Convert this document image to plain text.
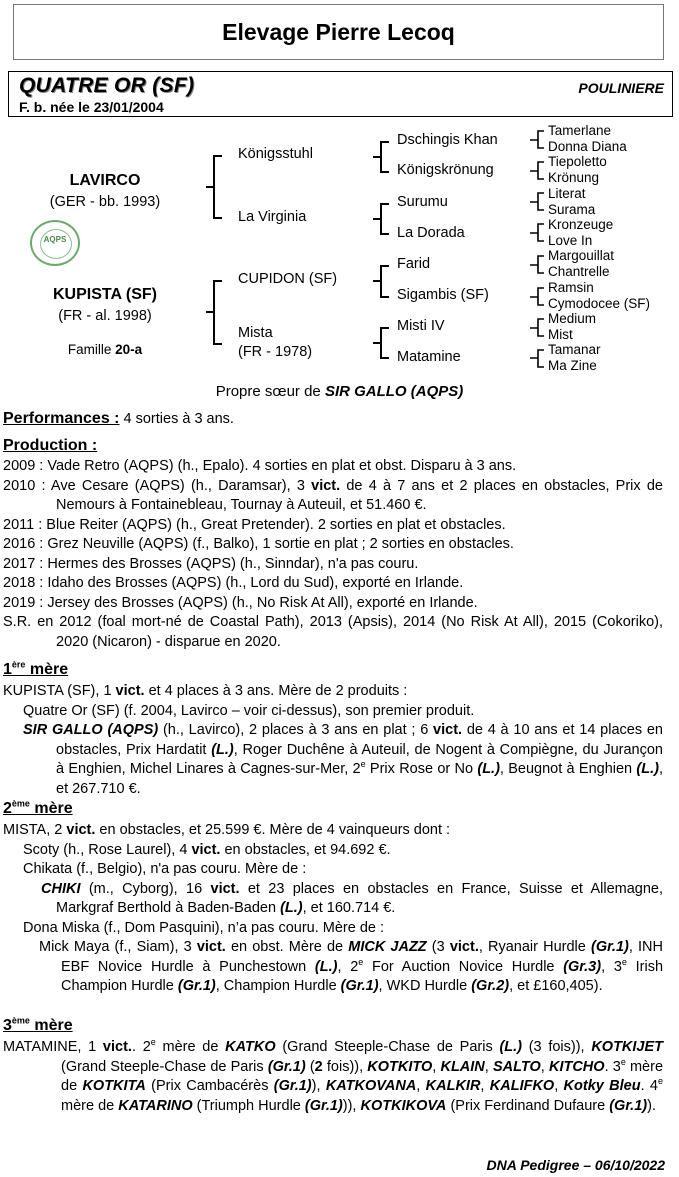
Elevage Pierre Lecoq
QUATRE OR (SF)
F. b. née le 23/01/2004
POULINIERE
LAVIRCO
(GER - bb. 1993)
AQPS
KUPISTA (SF)
(FR - al. 1998)
Famille 20-a
Königsstuhl
La Virginia
CUPIDON (SF)
Mista
(FR - 1978)
Dschingis Khan
Königskrönung
Surumu
La Dorada
Farid
Sigambis (SF)
Misti IV
Matamine
Tamerlane
Donna Diana
Tiepoletto
Krönung
Literat
Surama
Kronzeuge
Love In
Margouillat
Chantrelle
Ramsin
Cymodocee (SF)
Medium
Mist
Tamanar
Ma Zine
Propre sœur de SIR GALLO (AQPS)
Performances : 4 sorties à 3 ans.
Production :
2009 : Vade Retro (AQPS) (h., Epalo). 4 sorties en plat et obst. Disparu à 3 ans.
2010 : Ave Cesare (AQPS) (h., Daramsar), 3 vict. de 4 à 7 ans et 2 places en obstacles, Prix de Nemours à Fontainebleau, Tournay à Auteuil, et 51.460 €.
2011 : Blue Reiter (AQPS) (h., Great Pretender). 2 sorties en plat et obstacles.
2016 : Grez Neuville (AQPS) (f., Balko), 1 sortie en plat ; 2 sorties en obstacles.
2017 : Hermes des Brosses (AQPS) (h., Sinndar), n'a pas couru.
2018 : Idaho des Brosses (AQPS) (h., Lord du Sud), exporté en Irlande.
2019 : Jersey des Brosses (AQPS) (h., No Risk At All), exporté en Irlande.
S.R. en 2012 (foal mort-né de Coastal Path), 2013 (Apsis), 2014 (No Risk At All), 2015 (Cokoriko), 2020 (Nicaron) - disparue en 2020.
1ère mère
KUPISTA (SF), 1 vict. et 4 places à 3 ans. Mère de 2 produits :
Quatre Or (SF) (f. 2004, Lavirco – voir ci-dessus), son premier produit.
SIR GALLO (AQPS) (h., Lavirco), 2 places à 3 ans en plat ; 6 vict. de 4 à 10 ans et 14 places en obstacles, Prix Hardatit (L.), Roger Duchêne à Auteuil, de Nogent à Compiègne, du Jurançon à Enghien, Michel Linares à Cagnes-sur-Mer, 2e Prix Rose or No (L.), Beugnot à Enghien (L.), et 267.710 €.
2ème mère
MISTA, 2 vict. en obstacles, et 25.599 €. Mère de 4 vainqueurs dont :
Scoty (h., Rose Laurel), 4 vict. en obstacles, et 94.692 €.
Chikata (f., Belgio), n'a pas couru. Mère de :
CHIKI (m., Cyborg), 16 vict. et 23 places en obstacles en France, Suisse et Allemagne, Markgraf Berthold à Baden-Baden (L.), et 160.714 €.
Dona Miska (f., Dom Pasquini), n’a pas couru. Mère de :
Mick Maya (f., Siam), 3 vict. en obst. Mère de MICK JAZZ (3 vict., Ryanair Hurdle (Gr.1), INH EBF Novice Hurdle à Punchestown (L.), 2e For Auction Novice Hurdle (Gr.3), 3e Irish Champion Hurdle (Gr.1), Champion Hurdle (Gr.1), WKD Hurdle (Gr.2), et £160,405).
3ème mère
MATAMINE, 1 vict.. 2e mère de KATKO (Grand Steeple-Chase de Paris (L.) (3 fois)), KOTKIJET (Grand Steeple-Chase de Paris (Gr.1) (2 fois)), KOTKITO, KLAIN, SALTO, KITCHO. 3e mère de KOTKITA (Prix Cambacérès (Gr.1)), KATKOVANA, KALKIR, KALIFKO, Kotky Bleu. 4e mère de KATARINO (Triumph Hurdle (Gr.1))), KOTKIKOVA (Prix Ferdinand Dufaure (Gr.1)).
DNA Pedigree – 06/10/2022
